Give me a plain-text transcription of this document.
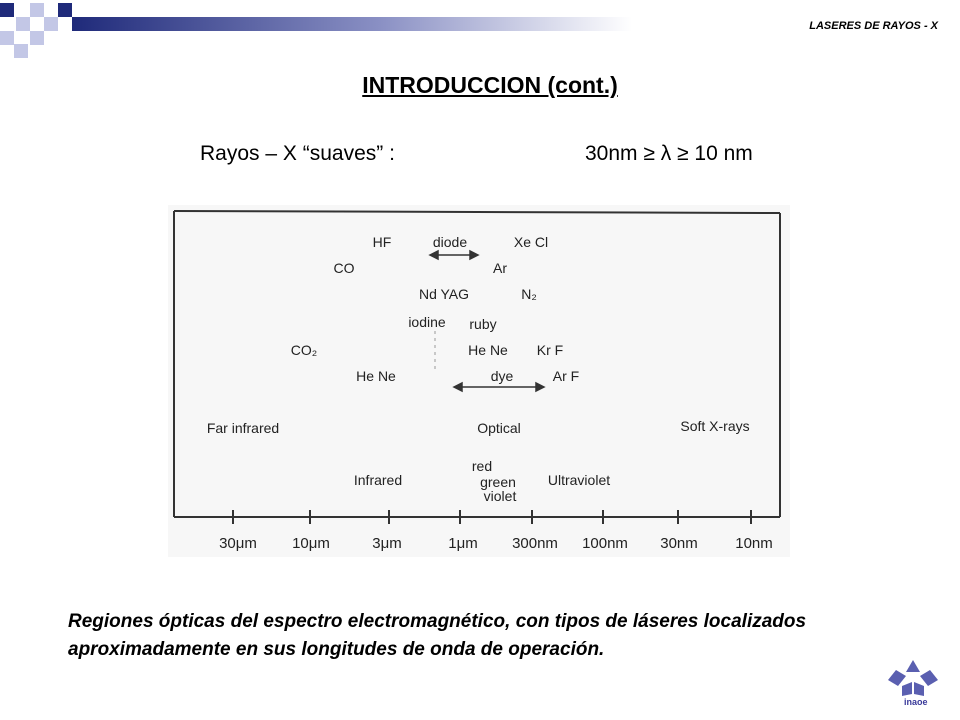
LASERES DE RAYOS - X
INTRODUCCION (cont.)
Rayos – X “suaves” :	30nm ≥ λ ≥ 10 nm
HF	diode	Xe Cl
CO	Ar
Nd YAG	N₂
iodine ruby
CO₂	He Ne Kr F
He Ne	dye	Ar F
Far infrared	Optical	Soft X-rays
Infrared
red
green
violet
Ultraviolet
30μm 10μm	3μm	1μm 300nm 100nm 30nm 10nm
Regiones ópticas del espectro electromagnético, con tipos de láseres localizados aproximadamente en sus longitudes de onda de operación.
inaoe
